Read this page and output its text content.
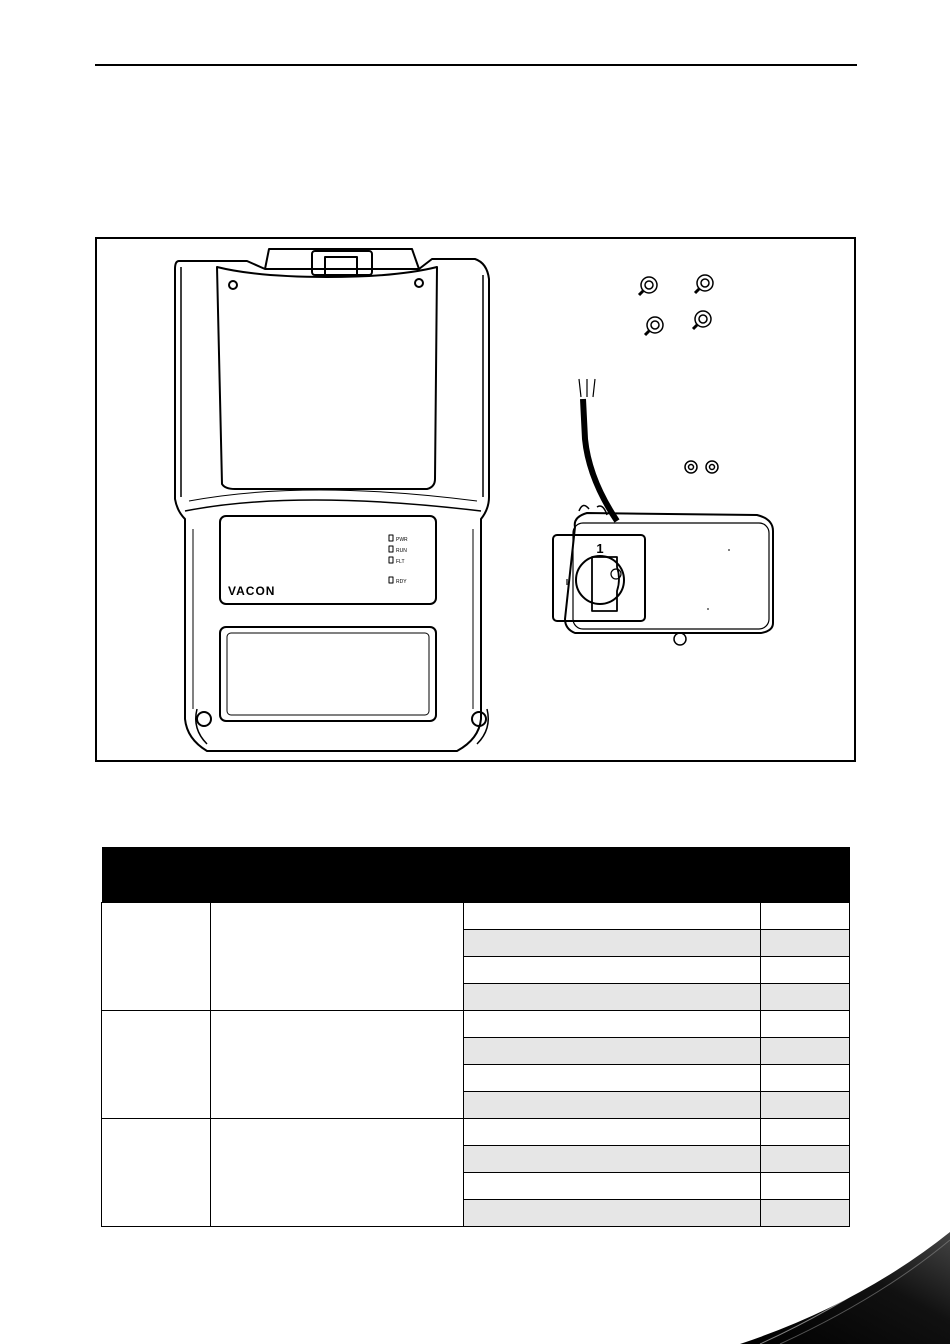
VACON
PWR
RUN
FLT
RDY
1
